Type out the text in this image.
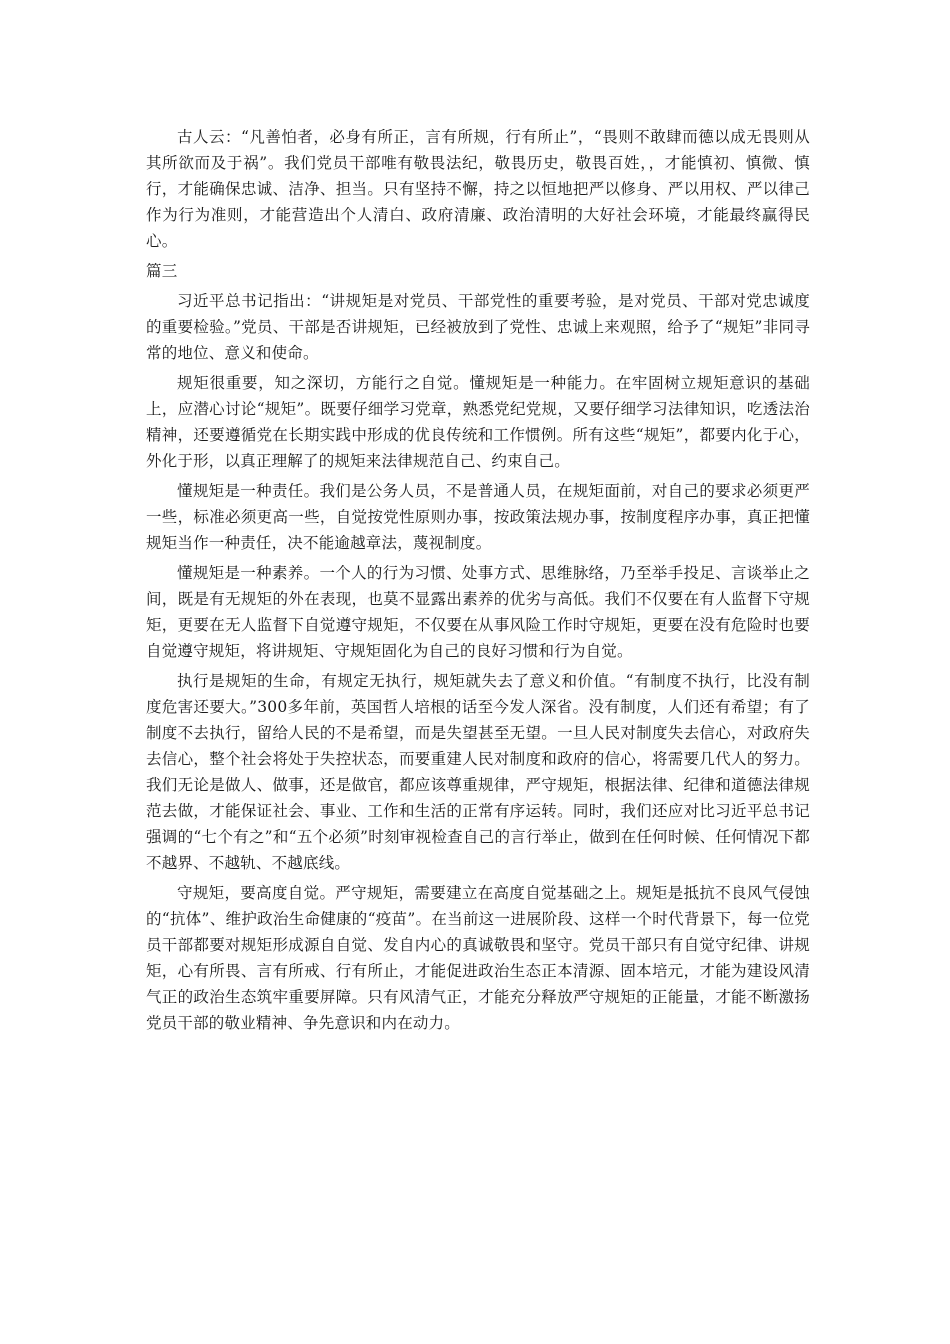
古人云：“凡善怕者，必身有所正，言有所规，行有所止”，“畏则不敢肆而德以成无畏则从其所欲而及于祸”。我们党员干部唯有敬畏法纪，敬畏历史，敬畏百姓，，才能慎初、慎微、慎行，才能确保忠诚、洁净、担当。只有坚持不懈，持之以恒地把严以修身、严以用权、严以律己作为行为准则，才能营造出个人清白、政府清廉、政治清明的大好社会环境，才能最终赢得民心。

篇三

习近平总书记指出：“讲规矩是对党员、干部党性的重要考验，是对党员、干部对党忠诚度的重要检验。”党员、干部是否讲规矩，已经被放到了党性、忠诚上来观照，给予了“规矩”非同寻常的地位、意义和使命。

规矩很重要，知之深切，方能行之自觉。懂规矩是一种能力。在牢固树立规矩意识的基础上，应潜心讨论“规矩”。既要仔细学习党章，熟悉党纪党规，又要仔细学习法律知识，吃透法治精神，还要遵循党在长期实践中形成的优良传统和工作惯例。所有这些“规矩”，都要内化于心，外化于形，以真正理解了的规矩来法律规范自己、约束自己。

懂规矩是一种责任。我们是公务人员，不是普通人员，在规矩面前，对自己的要求必须更严一些，标准必须更高一些，自觉按党性原则办事，按政策法规办事，按制度程序办事，真正把懂规矩当作一种责任，决不能逾越章法，蔑视制度。

懂规矩是一种素养。一个人的行为习惯、处事方式、思维脉络，乃至举手投足、言谈举止之间，既是有无规矩的外在表现，也莫不显露出素养的优劣与高低。我们不仅要在有人监督下守规矩，更要在无人监督下自觉遵守规矩，不仅要在从事风险工作时守规矩，更要在没有危险时也要自觉遵守规矩，将讲规矩、守规矩固化为自己的良好习惯和行为自觉。

执行是规矩的生命，有规定无执行，规矩就失去了意义和价值。“有制度不执行，比没有制度危害还要大。”300多年前，英国哲人培根的话至今发人深省。没有制度，人们还有希望；有了制度不去执行，留给人民的不是希望，而是失望甚至无望。一旦人民对制度失去信心，对政府失去信心，整个社会将处于失控状态，而要重建人民对制度和政府的信心，将需要几代人的努力。我们无论是做人、做事，还是做官，都应该尊重规律，严守规矩，根据法律、纪律和道德法律规范去做，才能保证社会、事业、工作和生活的正常有序运转。同时，我们还应对比习近平总书记强调的“七个有之”和“五个必须”时刻审视检查自己的言行举止，做到在任何时候、任何情况下都不越界、不越轨、不越底线。

守规矩，要高度自觉。严守规矩，需要建立在高度自觉基础之上。规矩是抵抗不良风气侵蚀的“抗体”、维护政治生命健康的“疫苗”。在当前这一进展阶段、这样一个时代背景下，每一位党员干部都要对规矩形成源自自觉、发自内心的真诚敬畏和坚守。党员干部只有自觉守纪律、讲规矩，心有所畏、言有所戒、行有所止，才能促进政治生态正本清源、固本培元，才能为建设风清气正的政治生态筑牢重要屏障。只有风清气正，才能充分释放严守规矩的正能量，才能不断激扬党员干部的敬业精神、争先意识和内在动力。
